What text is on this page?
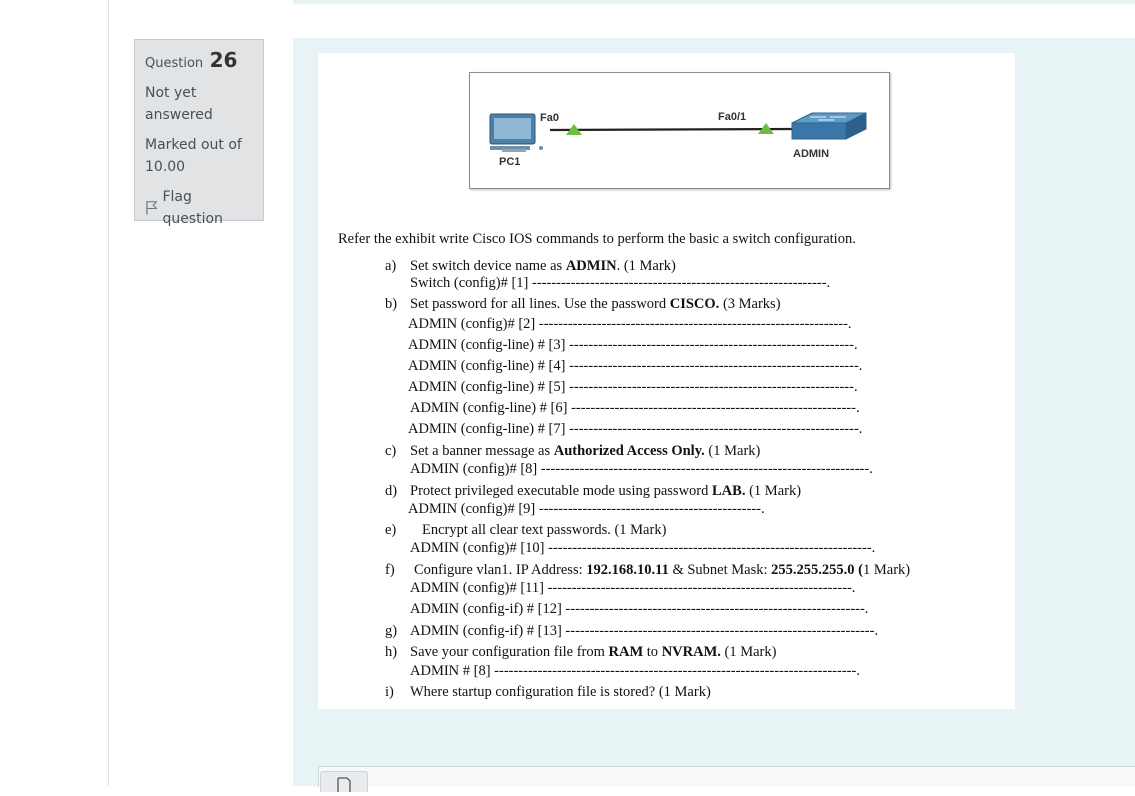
Question 26
Not yet answered
Marked out of 10.00
Flag question
Fa0	Fa0/1
PC1
ADMIN
Refer the exhibit write Cisco IOS commands to perform the basic a switch configuration.
a) Set switch device name as ADMIN. (1 Mark)
Switch (config)# [1] -------------------------------------------------------------.
b) Set password for all lines. Use the password CISCO. (3 Marks)
ADMIN (config)# [2] ----------------------------------------------------------------.
ADMIN (config-line) # [3] -----------------------------------------------------------.
ADMIN (config-line) # [4] ------------------------------------------------------------.
ADMIN (config-line) # [5] -----------------------------------------------------------.
ADMIN (config-line) # [6] -----------------------------------------------------------.
ADMIN (config-line) # [7] ------------------------------------------------------------.
c) Set a banner message as Authorized Access Only. (1 Mark)
ADMIN (config)# [8] --------------------------------------------------------------------.
d) Protect privileged executable mode using password LAB. (1 Mark)
ADMIN (config)# [9] ----------------------------------------------.
e) Encrypt all clear text passwords. (1 Mark)
ADMIN (config)# [10] -------------------------------------------------------------------.
f) Configure vlan1. IP Address: 192.168.10.11 & Subnet Mask: 255.255.255.0 (1 Mark)
ADMIN (config)# [11] ---------------------------------------------------------------.
ADMIN (config-if) # [12] --------------------------------------------------------------.
g) ADMIN (config-if) # [13] ----------------------------------------------------------------.
h) Save your configuration file from RAM to NVRAM. (1 Mark)
ADMIN # [8] ---------------------------------------------------------------------------.
i) Where startup configuration file is stored? (1 Mark)
